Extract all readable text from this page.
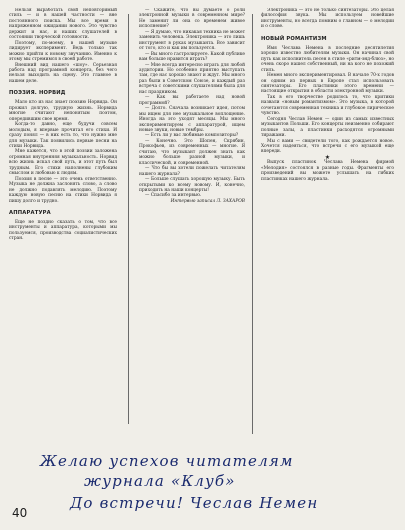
Нельзя выработать свой неповторимый стиль — и в нашей частности — вне постоянного поиска. Мы все время в напряженном ожидании нового. Это чувство держит и нас, и наших слушателей в состоянии творческой готовности.

Поэтому, по-моему, в нашей музыке лидирует эксперимент. Ведь только так можно прийти к новому звучанию. Именно к этому мы стремимся в своей работе.

Внешний вид нашего «шоу». Серьезная работа над программой концерта, без чего нельзя выходить на сцену. Это главное в нашем деле.

ПОЭЗИЯ. НОРВИД

Мало кто из нас знает поэзию Норвида. Он прожил долгую, трудную жизнь. Норвида многие считают непонятым поэтом, опередившим свое время.

Когда-то давно, еще будучи совсем молодым, я впервые прочитал его стихи. И сразу понял — в них есть то, что нужно мне для музыки. Так появились первые песни на стихи Норвида.

Мне кажется, что в этой поэзии заложена огромная внутренняя музыкальность. Норвид всю жизнь искал свой путь, и этот путь был трудным. Его стихи наполнены глубоким смыслом и любовью к людям.

Поэзия в песне — это очень ответственно. Музыка не должна заслонять слово, а слово не должно подавлять мелодию. Поэтому каждую новую песню на стихи Норвида я пишу долго и трудно.

АППАРАТУРА

Еще не поздно сказать о том, что все инструменты и аппаратура, которыми мы пользуемся, производства социалистических стран.

— Скажите, что вы думаете о роли электронной музыки в современном мире? Не заменит ли она со временем живое исполнение?

— Я думаю, что никакая техника не может заменить человека. Электроника — это лишь инструмент в руках музыканта. Все зависит от того, кто и как им пользуется.

— Вы много гастролируете. Какой публике вам больше нравится играть?

— Мне всегда интересно играть для любой аудитории. Но особенно приятно выступать там, где нас хорошо знают и ждут. Мы много раз были в Советском Союзе, и каждый раз встреча с советскими слушателями была для нас праздником.

— Как вы работаете над новой программой?

— Долго. Сначала возникает идея, потом мы ищем для нее музыкальное воплощение. Иногда на это уходят месяцы. Мы много экспериментируем с аппаратурой, ищем новые звуки, новые тембры.

— Есть ли у вас любимые композиторы?

— Конечно. Это Шопен, Скрябин, Прокофьев, из современных — многие. Я считаю, что музыкант должен знать как можно больше разной музыки, и классической, и современной.

— Что бы вы хотели пожелать читателям нашего журнала?

— Больше слушать хорошую музыку. Быть открытыми ко всему новому. И, конечно, приходить на наши концерты!

— Спасибо за интервью.

Интервью записал Л. ЗАХАРОВ

Электроника — это не только синтезаторы. Это целая философия звука. Мы используем новейшие инструменты, но всегда помним о главном — о мелодии и о слове.

НОВЫЙ РОМАНТИЗМ

Имя Чеслава Немена в последние десятилетия хорошо известно любителям музыки. Он начинал свой путь как исполнитель песен в стиле «ритм-энд-блюз», но очень скоро нашел собственный, ни на кого не похожий стиль.

Немен много экспериментировал. В начале 70-х годов он одним из первых в Европе стал использовать синтезаторы. Его пластинки этого времени — настоящие открытия в области электронной музыки.

Так в его творчестве родилось то, что критики назвали «новым романтизмом». Это музыка, в которой сочетаются современная техника и глубокое лирическое чувство.

Сегодня Чеслав Немен — один из самых известных музыкантов Польши. Его концерты неизменно собирают полные залы, а пластинки расходятся огромными тиражами.

Мы с вами — свидетели того, как рождается новое. Хочется надеяться, что встречи с его музыкой еще впереди.

★

Выпуск пластинок Чеслава Немена фирмой «Мелодия» состоялся в разные годы. Фрагменты его произведений вы можете услышать на гибких пластинках нашего журнала.

Желаю успехов читателям
журнала «Клуб»
До встречи! Чеслав Немен
40
